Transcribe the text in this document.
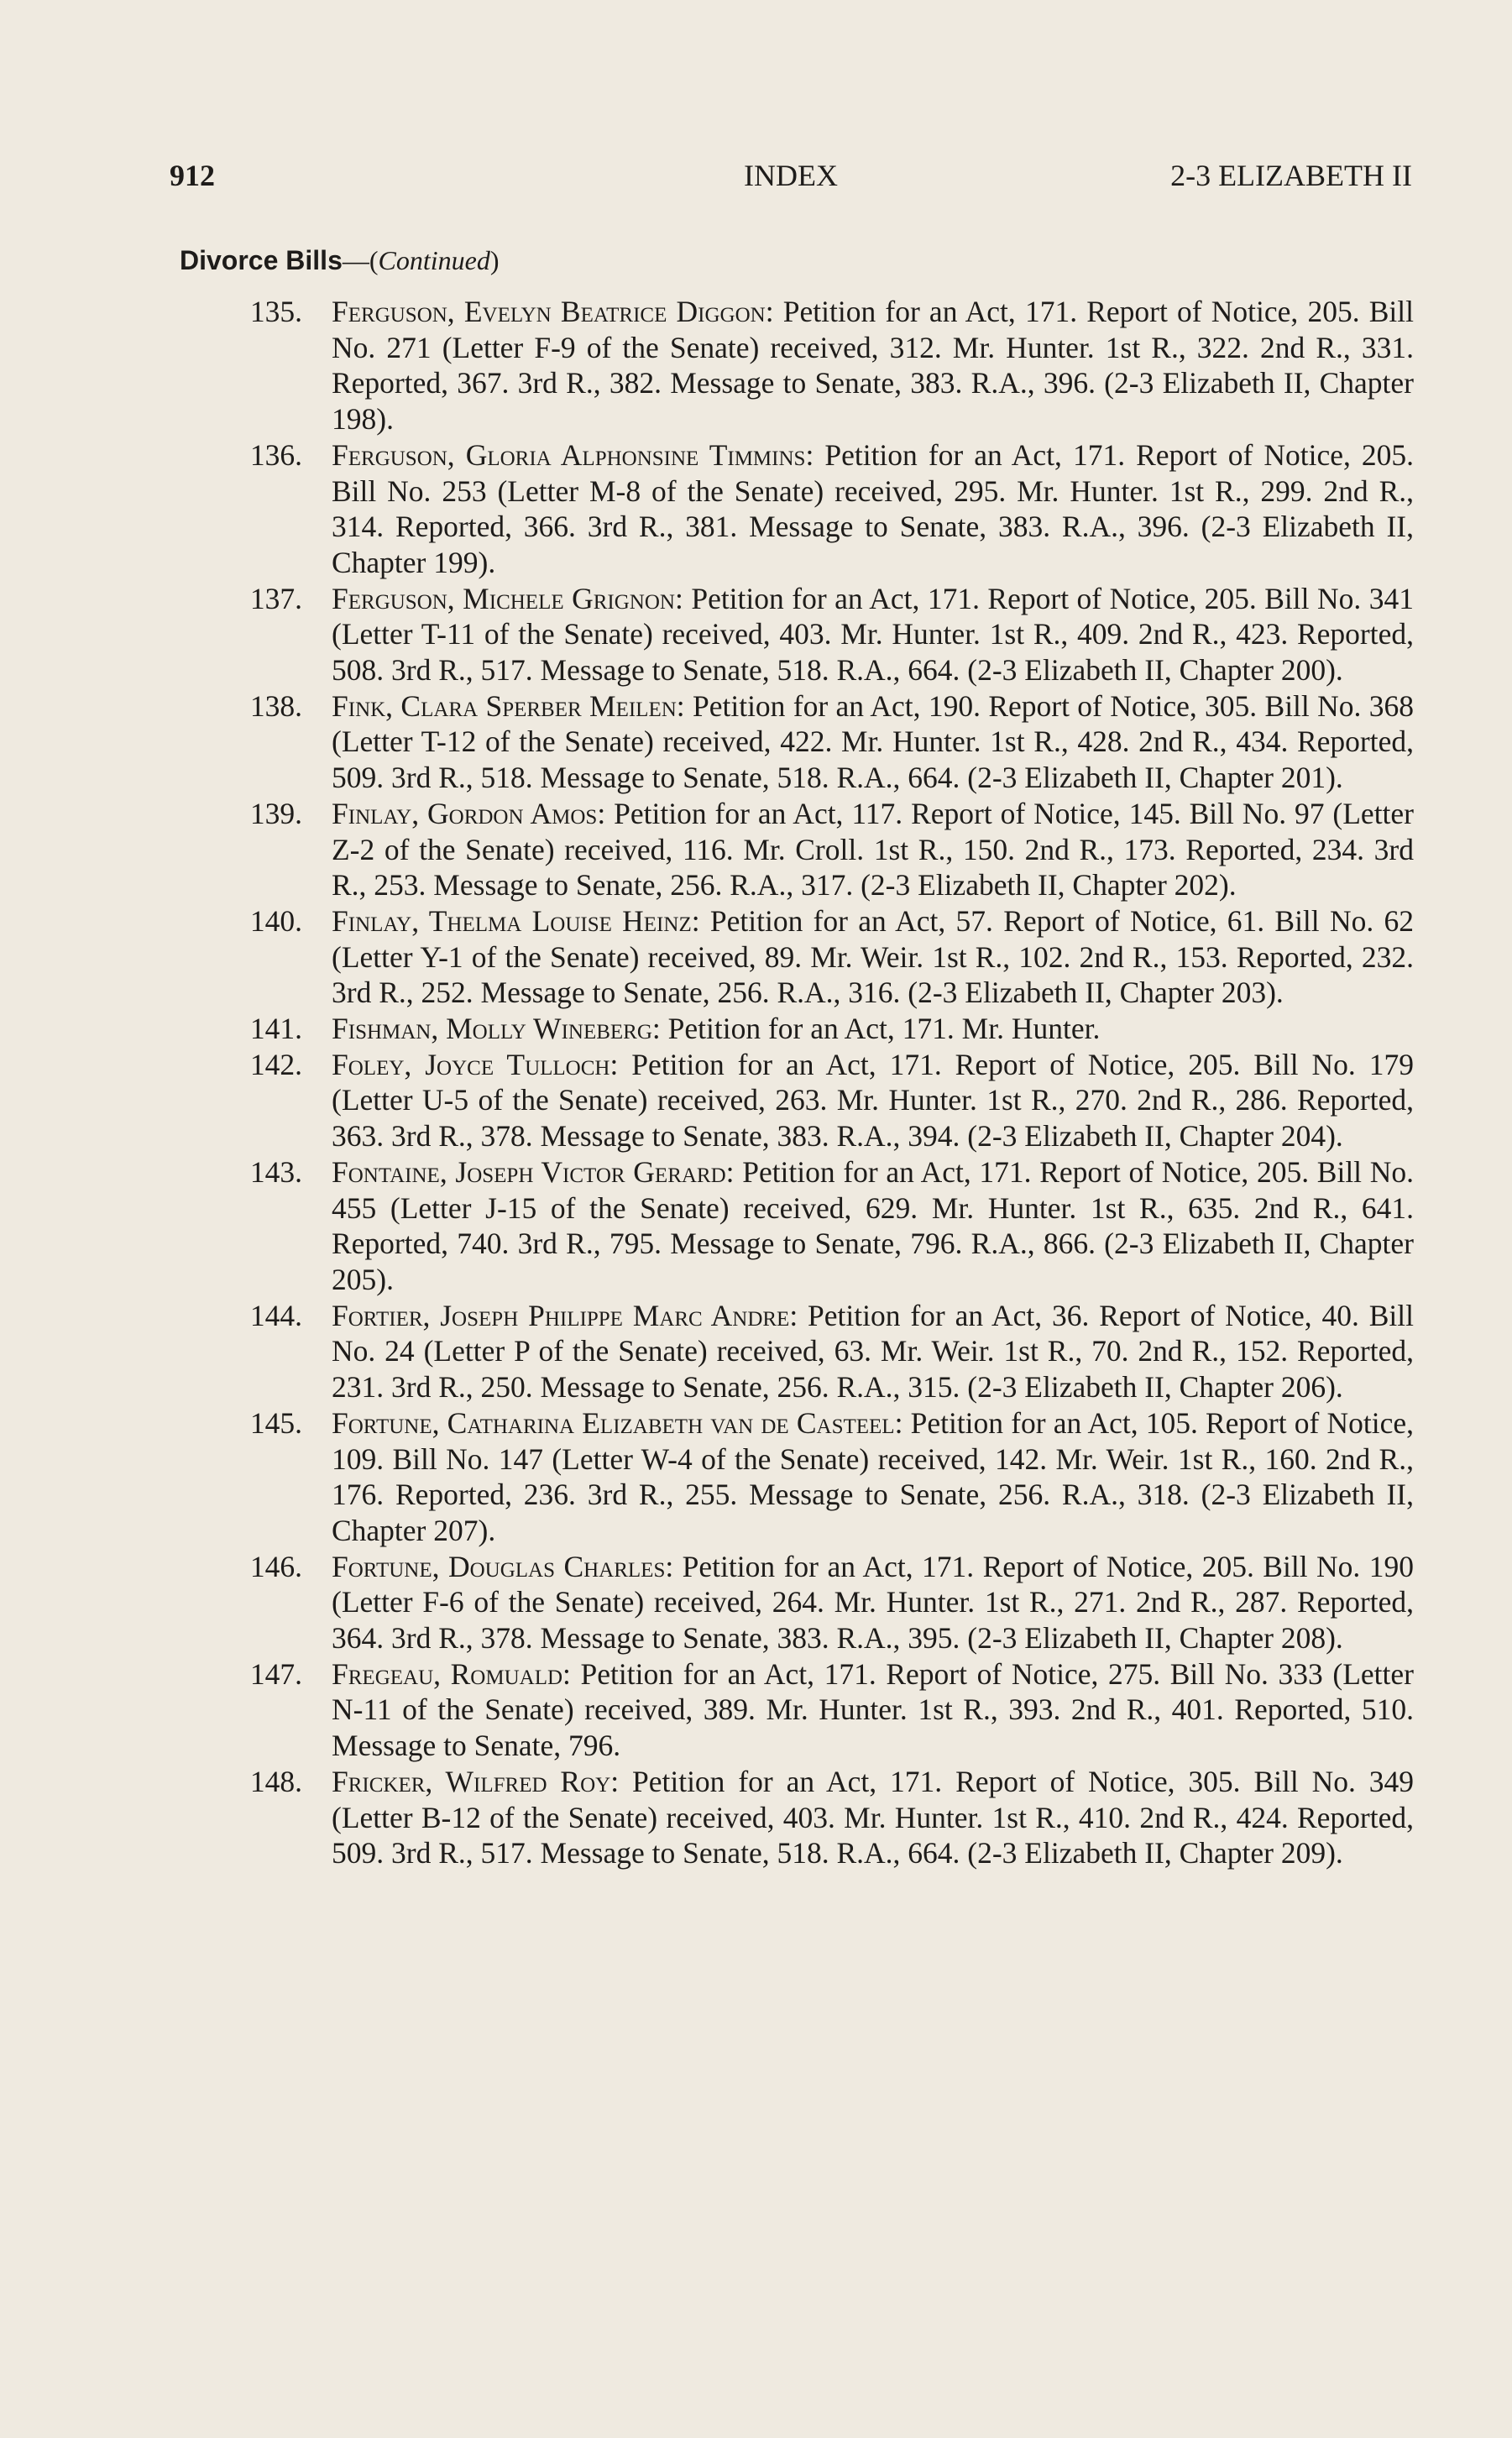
912	INDEX	2-3 ELIZABETH II
Divorce Bills—(Continued)
135. Ferguson, Evelyn Beatrice Diggon: Petition for an Act, 171. Report of Notice, 205. Bill No. 271 (Letter F-9 of the Senate) received, 312. Mr. Hunter. 1st R., 322. 2nd R., 331. Reported, 367. 3rd R., 382. Message to Senate, 383. R.A., 396. (2-3 Elizabeth II, Chapter 198).
136. Ferguson, Gloria Alphonsine Timmins: Petition for an Act, 171. Report of Notice, 205. Bill No. 253 (Letter M-8 of the Senate) received, 295. Mr. Hunter. 1st R., 299. 2nd R., 314. Reported, 366. 3rd R., 381. Message to Senate, 383. R.A., 396. (2-3 Elizabeth II, Chapter 199).
137. Ferguson, Michele Grignon: Petition for an Act, 171. Report of Notice, 205. Bill No. 341 (Letter T-11 of the Senate) received, 403. Mr. Hunter. 1st R., 409. 2nd R., 423. Reported, 508. 3rd R., 517. Message to Senate, 518. R.A., 664. (2-3 Elizabeth II, Chapter 200).
138. Fink, Clara Sperber Meilen: Petition for an Act, 190. Report of Notice, 305. Bill No. 368 (Letter T-12 of the Senate) received, 422. Mr. Hunter. 1st R., 428. 2nd R., 434. Reported, 509. 3rd R., 518. Message to Senate, 518. R.A., 664. (2-3 Elizabeth II, Chapter 201).
139. Finlay, Gordon Amos: Petition for an Act, 117. Report of Notice, 145. Bill No. 97 (Letter Z-2 of the Senate) received, 116. Mr. Croll. 1st R., 150. 2nd R., 173. Reported, 234. 3rd R., 253. Message to Senate, 256. R.A., 317. (2-3 Elizabeth II, Chapter 202).
140. Finlay, Thelma Louise Heinz: Petition for an Act, 57. Report of Notice, 61. Bill No. 62 (Letter Y-1 of the Senate) received, 89. Mr. Weir. 1st R., 102. 2nd R., 153. Reported, 232. 3rd R., 252. Message to Senate, 256. R.A., 316. (2-3 Elizabeth II, Chapter 203).
141. Fishman, Molly Wineberg: Petition for an Act, 171. Mr. Hunter.
142. Foley, Joyce Tulloch: Petition for an Act, 171. Report of Notice, 205. Bill No. 179 (Letter U-5 of the Senate) received, 263. Mr. Hunter. 1st R., 270. 2nd R., 286. Reported, 363. 3rd R., 378. Message to Senate, 383. R.A., 394. (2-3 Elizabeth II, Chapter 204).
143. Fontaine, Joseph Victor Gerard: Petition for an Act, 171. Report of Notice, 205. Bill No. 455 (Letter J-15 of the Senate) received, 629. Mr. Hunter. 1st R., 635. 2nd R., 641. Reported, 740. 3rd R., 795. Message to Senate, 796. R.A., 866. (2-3 Elizabeth II, Chapter 205).
144. Fortier, Joseph Philippe Marc Andre: Petition for an Act, 36. Report of Notice, 40. Bill No. 24 (Letter P of the Senate) received, 63. Mr. Weir. 1st R., 70. 2nd R., 152. Reported, 231. 3rd R., 250. Message to Senate, 256. R.A., 315. (2-3 Elizabeth II, Chapter 206).
145. Fortune, Catharina Elizabeth van de Casteel: Petition for an Act, 105. Report of Notice, 109. Bill No. 147 (Letter W-4 of the Senate) received, 142. Mr. Weir. 1st R., 160. 2nd R., 176. Reported, 236. 3rd R., 255. Message to Senate, 256. R.A., 318. (2-3 Elizabeth II, Chapter 207).
146. Fortune, Douglas Charles: Petition for an Act, 171. Report of Notice, 205. Bill No. 190 (Letter F-6 of the Senate) received, 264. Mr. Hunter. 1st R., 271. 2nd R., 287. Reported, 364. 3rd R., 378. Message to Senate, 383. R.A., 395. (2-3 Elizabeth II, Chapter 208).
147. Fregeau, Romuald: Petition for an Act, 171. Report of Notice, 275. Bill No. 333 (Letter N-11 of the Senate) received, 389. Mr. Hunter. 1st R., 393. 2nd R., 401. Reported, 510. Message to Senate, 796.
148. Fricker, Wilfred Roy: Petition for an Act, 171. Report of Notice, 305. Bill No. 349 (Letter B-12 of the Senate) received, 403. Mr. Hunter. 1st R., 410. 2nd R., 424. Reported, 509. 3rd R., 517. Message to Senate, 518. R.A., 664. (2-3 Elizabeth II, Chapter 209).
